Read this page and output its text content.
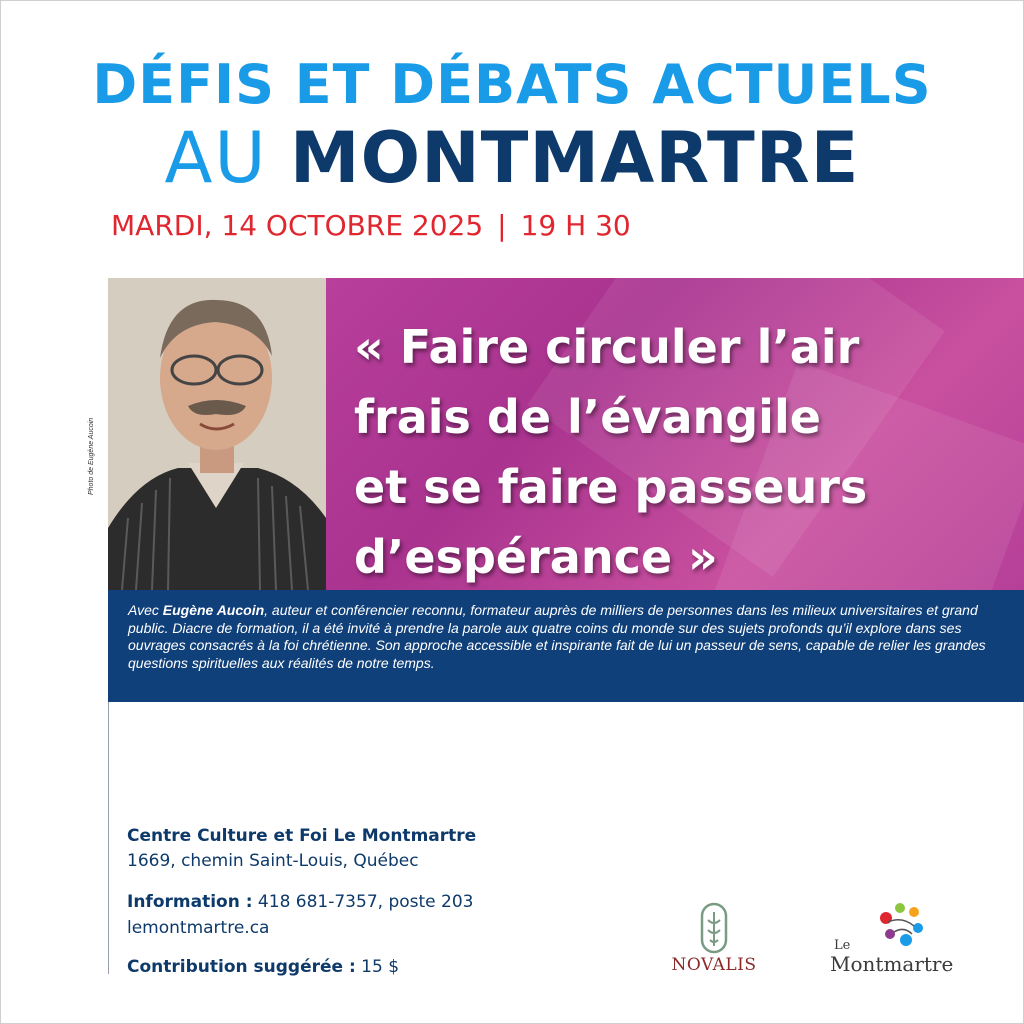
DÉFIS ET DÉBATS ACTUELS
AU MONTMARTRE
MARDI, 14 OCTOBRE 2025 | 19 H 30
Photo de Eugène Aucoin
« Faire circuler l’air
frais de l’évangile
et se faire passeurs
d’espérance »
Avec Eugène Aucoin, auteur et conférencier reconnu, formateur auprès de milliers de personnes dans les milieux universitaires et grand public. Diacre de formation, il a été invité à prendre la parole aux quatre coins du monde sur des sujets profonds qu’il explore dans ses ouvrages consacrés à la foi chrétienne. Son approche accessible et inspirante fait de lui un passeur de sens, capable de relier les grandes questions spirituelles aux réalités de notre temps.
Centre Culture et Foi Le Montmartre
1669, chemin Saint-Louis, Québec
Information : 418 681-7357, poste 203
lemontmartre.ca
Contribution suggérée : 15 $	NOVALIS
Le
Montmartre
